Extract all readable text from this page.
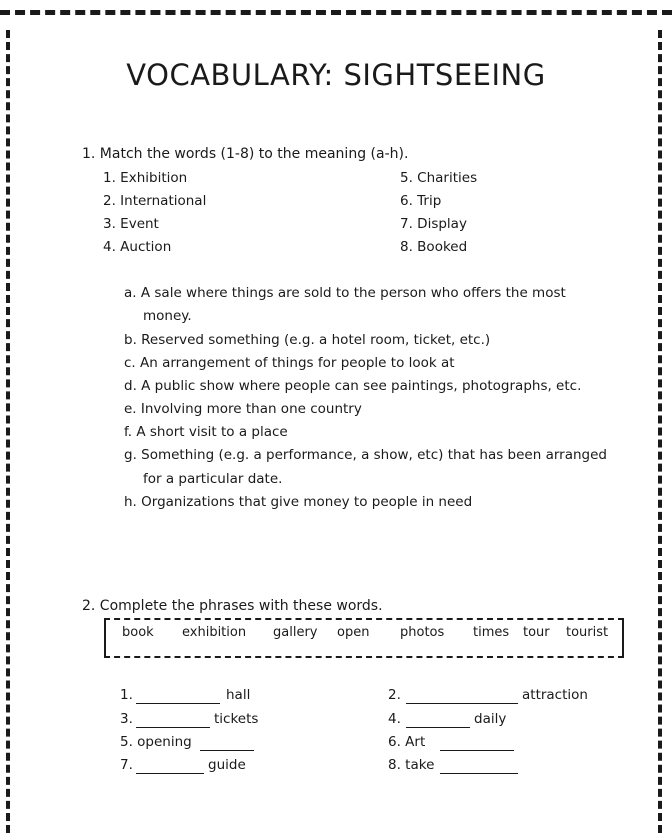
VOCABULARY: SIGHTSEEING
1. Match the words (1-8) to the meaning (a-h).
1. Exhibition
2. International
3. Event
4. Auction
5. Charities
6. Trip
7. Display
8. Booked
a. A sale where things are sold to the person who offers the most
money.
b. Reserved something (e.g. a hotel room, ticket, etc.)
c. An arrangement of things for people to look at
d. A public show where people can see paintings, photographs, etc.
e. Involving more than one country
f. A short visit to a place
g. Something (e.g. a performance, a show, etc) that has been arranged
for a particular date.
h. Organizations that give money to people in need
2. Complete the phrases with these words.
book exhibition gallery open photos times tour tourist
1.	hall	2.	attraction
3.	tickets	4.	daily
5. opening	6. Art
7.	guide	8. take
